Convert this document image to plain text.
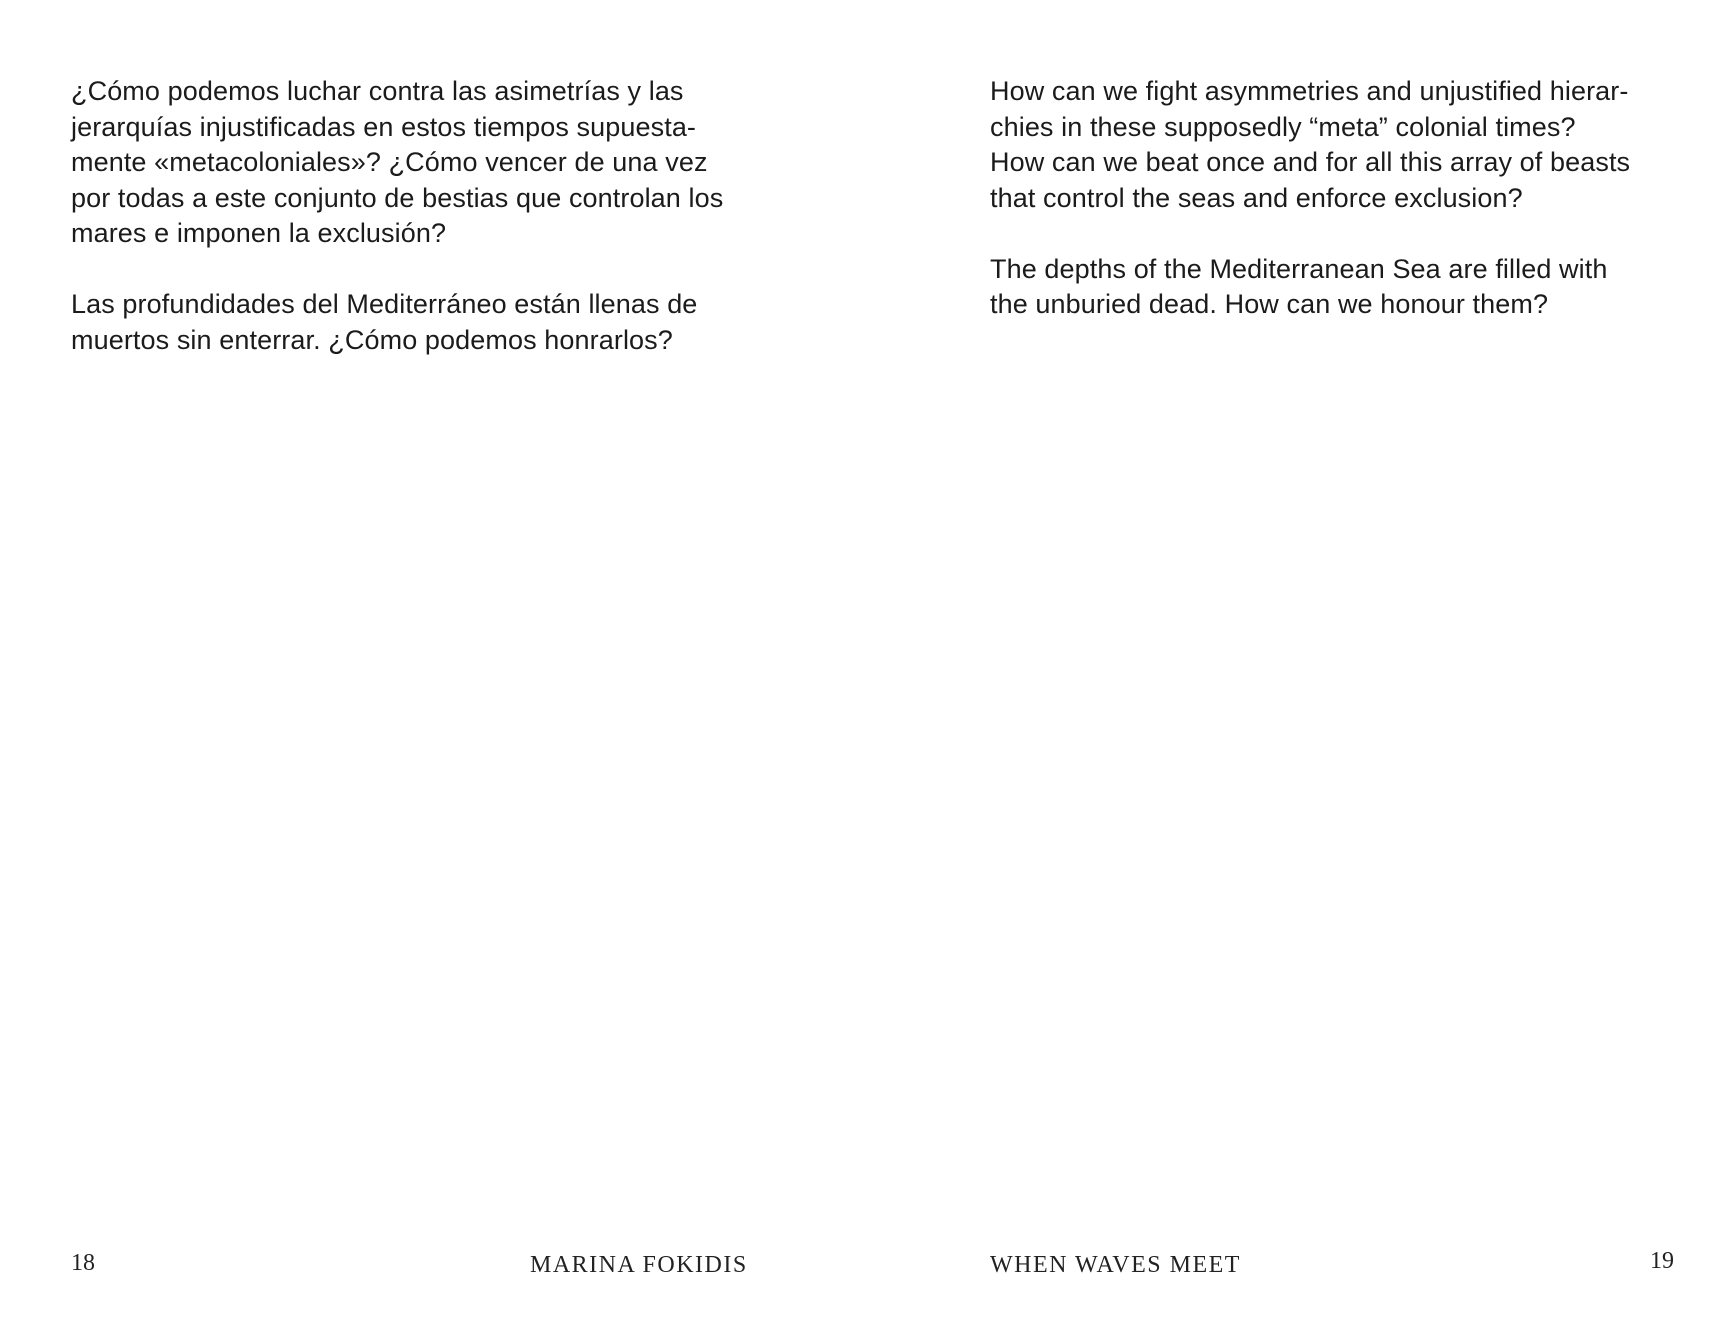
¿Cómo podemos luchar contra las asimetrías y las
jerarquías injustificadas en estos tiempos supuesta-
mente «metacoloniales»? ¿Cómo vencer de una vez
por todas a este conjunto de bestias que controlan los
mares e imponen la exclusión?

Las profundidades del Mediterráneo están llenas de
muertos sin enterrar. ¿Cómo podemos honrarlos?

18	MARINA FOKIDIS

How can we fight asymmetries and unjustified hierar-
chies in these supposedly “meta” colonial times?
How can we beat once and for all this array of beasts
that control the seas and enforce exclusion?

The depths of the Mediterranean Sea are filled with
the unburied dead. How can we honour them?

WHEN WAVES MEET	19
